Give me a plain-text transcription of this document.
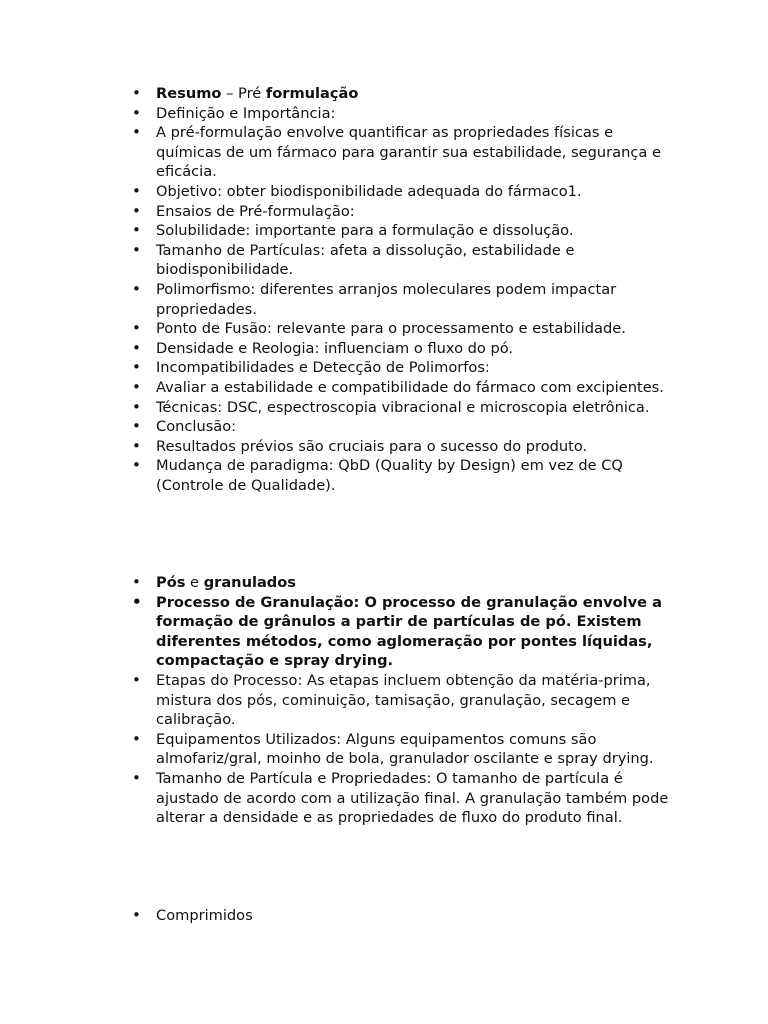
• Resumo – Pré formulação
• Definição e Importância:
• A pré-formulação envolve quantificar as propriedades físicas e químicas de um fármaco para garantir sua estabilidade, segurança e eficácia.
• Objetivo: obter biodisponibilidade adequada do fármaco1.
• Ensaios de Pré-formulação:
• Solubilidade: importante para a formulação e dissolução.
• Tamanho de Partículas: afeta a dissolução, estabilidade e biodisponibilidade.
• Polimorfismo: diferentes arranjos moleculares podem impactar propriedades.
• Ponto de Fusão: relevante para o processamento e estabilidade.
• Densidade e Reologia: influenciam o fluxo do pó.
• Incompatibilidades e Detecção de Polimorfos:
• Avaliar a estabilidade e compatibilidade do fármaco com excipientes.
• Técnicas: DSC, espectroscopia vibracional e microscopia eletrônica.
• Conclusão:
• Resultados prévios são cruciais para o sucesso do produto.
• Mudança de paradigma: QbD (Quality by Design) em vez de CQ (Controle de Qualidade).
• Pós e granulados
• Processo de Granulação: O processo de granulação envolve a formação de grânulos a partir de partículas de pó. Existem diferentes métodos, como aglomeração por pontes líquidas, compactação e spray drying.
• Etapas do Processo: As etapas incluem obtenção da matéria-prima, mistura dos pós, cominuição, tamisação, granulação, secagem e calibração.
• Equipamentos Utilizados: Alguns equipamentos comuns são almofariz/gral, moinho de bola, granulador oscilante e spray drying.
• Tamanho de Partícula e Propriedades: O tamanho de partícula é ajustado de acordo com a utilização final. A granulação também pode alterar a densidade e as propriedades de fluxo do produto final.
• Comprimidos
